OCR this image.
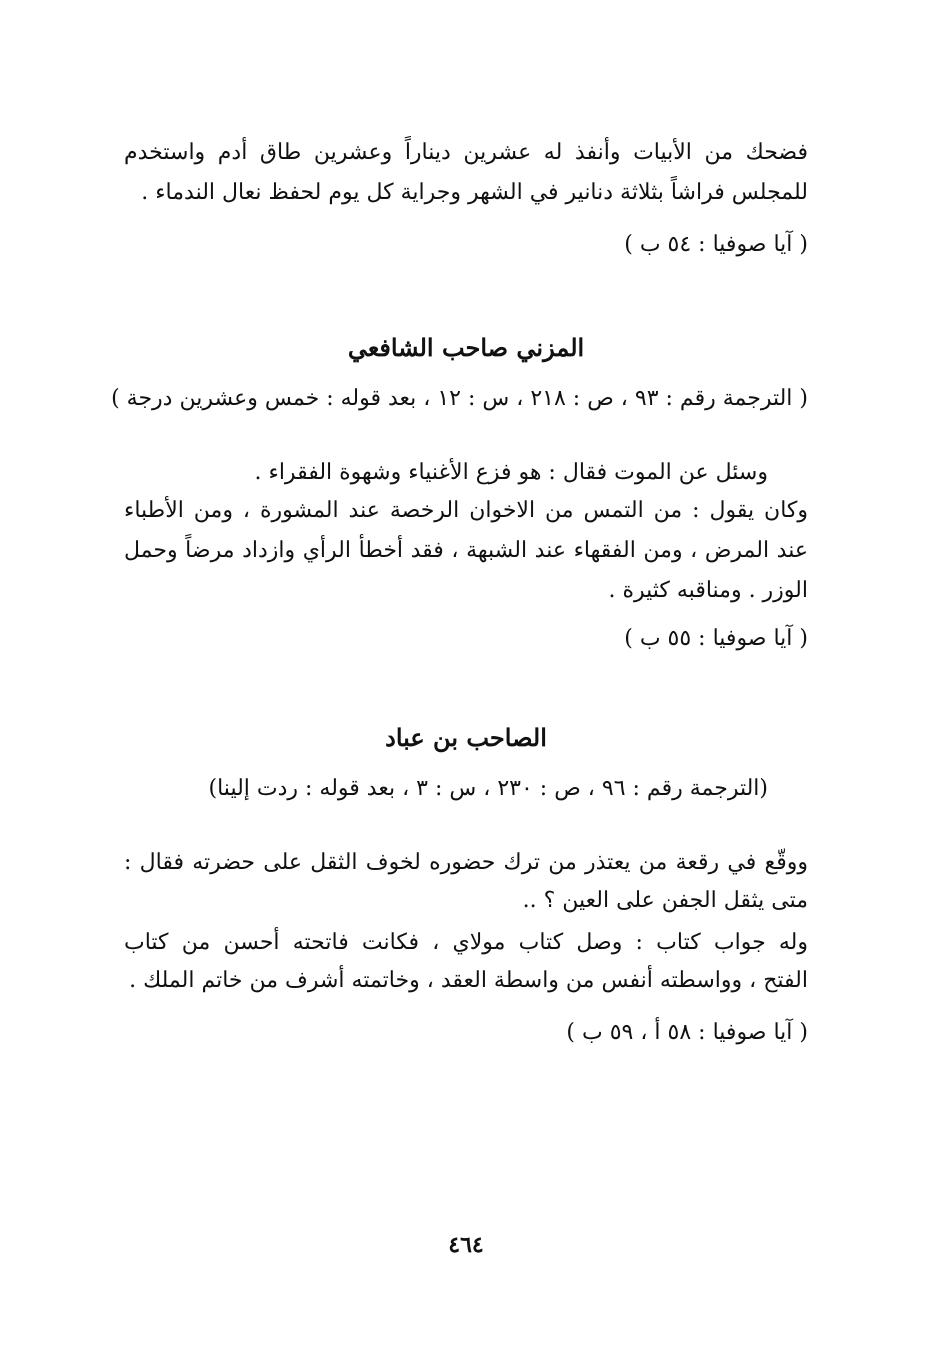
فضحك من الأبيات وأنفذ له عشرين ديناراً وعشرين طاق أدم واستخدم
للمجلس فراشاً بثلاثة دنانير في الشهر وجراية كل يوم لحفظ نعال الندماء .
( آيا صوفيا : ٥٤ ب )
المزني صاحب الشافعي
( الترجمة رقم : ٩٣ ، ص : ٢١٨ ، س : ١٢ ، بعد قوله : خمس وعشرين درجة )
وسئل عن الموت فقال : هو فزع الأغنياء وشهوة الفقراء .
وكان يقول : من التمس من الاخوان الرخصة عند المشورة ، ومن الأطباء
عند المرض ، ومن الفقهاء عند الشبهة ، فقد أخطأ الرأي وازداد مرضاً وحمل
الوزر . ومناقبه كثيرة .
( آيا صوفيا : ٥٥ ب )
الصاحب بن عباد
(الترجمة رقم : ٩٦ ، ص : ٢٣٠ ، س : ٣ ، بعد قوله : ردت إلينا)
ووقّع في رقعة من يعتذر من ترك حضوره لخوف الثقل على حضرته فقال :
متى يثقل الجفن على العين ؟ ..
وله جواب كتاب : وصل كتاب مولاي ، فكانت فاتحته أحسن من كتاب
الفتح ، وواسطته أنفس من واسطة العقد ، وخاتمته أشرف من خاتم الملك .
( آيا صوفيا : ٥٨ أ ، ٥٩ ب )
٤٦٤
